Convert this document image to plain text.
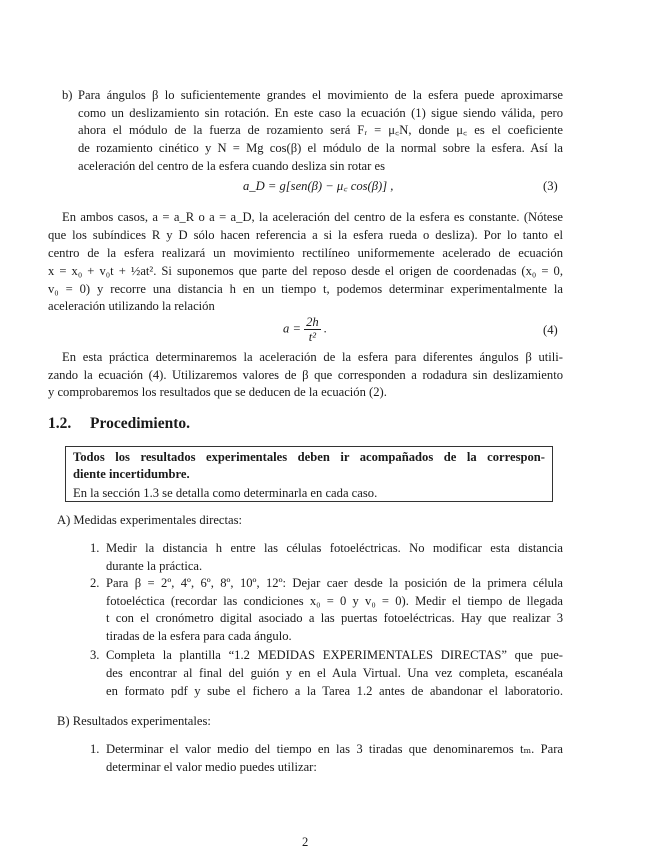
b) Para ángulos β lo suficientemente grandes el movimiento de la esfera puede aproximarse
como un deslizamiento sin rotación. En este caso la ecuación (1) sigue siendo válida, pero
ahora el módulo de la fuerza de rozamiento será Fᵣ = μ꜀N, donde μ꜀ es el coeficiente
de rozamiento cinético y N = Mg cos(β) el módulo de la normal sobre la esfera. Así la
aceleración del centro de la esfera cuando desliza sin rotar es
a_D = g[sen(β) − μ꜀ cos(β)] ,	(3)
En ambos casos, a = a_R o a = a_D, la aceleración del centro de la esfera es constante. (Nótese
que los subíndices R y D sólo hacen referencia a si la esfera rueda o desliza). Por lo tanto el
centro de la esfera realizará un movimiento rectilíneo uniformemente acelerado de ecuación
x = x₀ + v₀t + ½at². Si suponemos que parte del reposo desde el origen de coordenadas (x₀ = 0,
v₀ = 0) y recorre una distancia h en un tiempo t, podemos determinar experimentalmente la
aceleración utilizando la relación
$a = \frac{2h}{\text{t²}}$ .	(4)
En esta práctica determinaremos la aceleración de la esfera para diferentes ángulos β utili-
zando la ecuación (4). Utilizaremos valores de β que corresponden a rodadura sin deslizamiento
y comprobaremos los resultados que se deducen de la ecuación (2).
1.2. Procedimiento.
Todos los resultados experimentales deben ir acompañados de la correspon-
diente incertidumbre.
En la sección 1.3 se detalla como determinarla en cada caso.
A) Medidas experimentales directas:
1. Medir la distancia h entre las células fotoeléctricas. No modificar esta distancia
durante la práctica.
2. Para β = 2º, 4º, 6º, 8º, 10º, 12º: Dejar caer desde la posición de la primera célula
fotoeléctica (recordar las condiciones x₀ = 0 y v₀ = 0). Medir el tiempo de llegada
t con el cronómetro digital asociado a las puertas fotoeléctricas. Hay que realizar 3
tiradas de la esfera para cada ángulo.
3. Completa la plantilla “1.2 MEDIDAS EXPERIMENTALES DIRECTAS” que pue-
des encontrar al final del guión y en el Aula Virtual. Una vez completa, escanéala
en formato pdf y sube el fichero a la Tarea 1.2 antes de abandonar el laboratorio.
B) Resultados experimentales:
1. Determinar el valor medio del tiempo en las 3 tiradas que denominaremos tₘ. Para
determinar el valor medio puedes utilizar:
2
